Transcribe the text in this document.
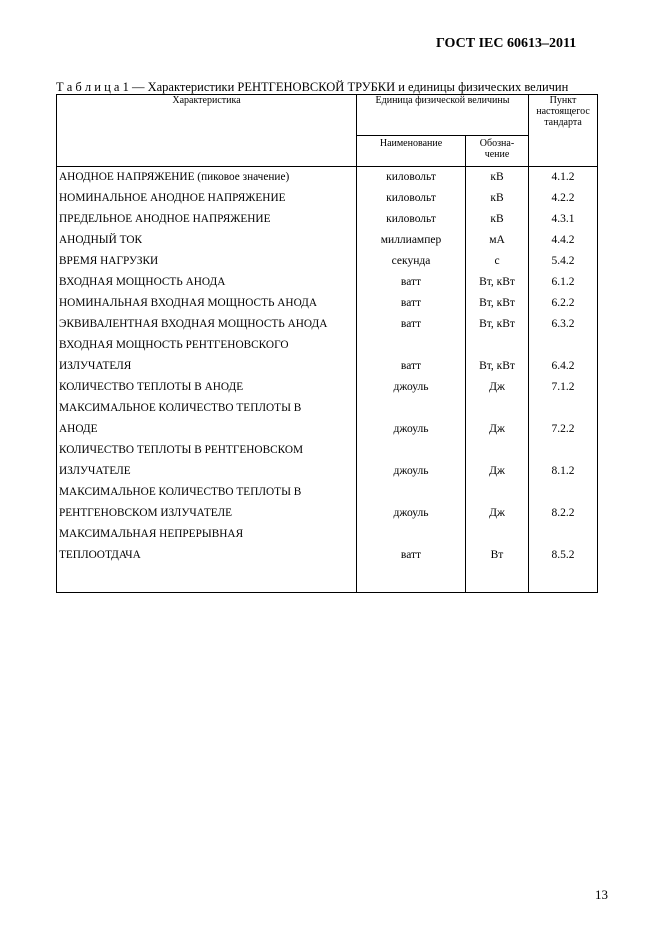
ГОСТ IEC 60613–2011
Т а б л и ц а 1 — Характеристики РЕНТГЕНОВСКОЙ ТРУБКИ и единицы физических величин
Характеристика	Единица физической величины		Пункт
настоящегос
тандарта
	Наименование	Обозна-
чение	
АНОДНОЕ НАПРЯЖЕНИЕ (пиковое значение)	киловольт	кВ	4.1.2
НОМИНАЛЬНОЕ АНОДНОЕ НАПРЯЖЕНИЕ	киловольт	кВ	4.2.2
ПРЕДЕЛЬНОЕ АНОДНОЕ НАПРЯЖЕНИЕ	киловольт	кВ	4.3.1
АНОДНЫЙ ТОК	миллиампер	мА	4.4.2
ВРЕМЯ НАГРУЗКИ	секунда	с	5.4.2
ВХОДНАЯ МОЩНОСТЬ АНОДА	ватт	Вт, кВт	6.1.2
НОМИНАЛЬНАЯ ВХОДНАЯ МОЩНОСТЬ АНОДА	ватт	Вт, кВт	6.2.2
ЭКВИВАЛЕНТНАЯ ВХОДНАЯ МОЩНОСТЬ АНОДА	ватт	Вт, кВт	6.3.2
ВХОДНАЯ МОЩНОСТЬ РЕНТГЕНОВСКОГО			
ИЗЛУЧАТЕЛЯ	ватт	Вт, кВт	6.4.2
КОЛИЧЕСТВО ТЕПЛОТЫ В АНОДЕ	джоуль	Дж	7.1.2
МАКСИМАЛЬНОЕ КОЛИЧЕСТВО ТЕПЛОТЫ В			
АНОДЕ	джоуль	Дж	7.2.2
КОЛИЧЕСТВО ТЕПЛОТЫ В РЕНТГЕНОВСКОМ			
ИЗЛУЧАТЕЛЕ	джоуль	Дж	8.1.2
МАКСИМАЛЬНОЕ КОЛИЧЕСТВО ТЕПЛОТЫ В			
РЕНТГЕНОВСКОМ ИЗЛУЧАТЕЛЕ	джоуль	Дж	8.2.2
МАКСИМАЛЬНАЯ НЕПРЕРЫВНАЯ			
ТЕПЛООТДАЧА	ватт	Вт	8.5.2

13
